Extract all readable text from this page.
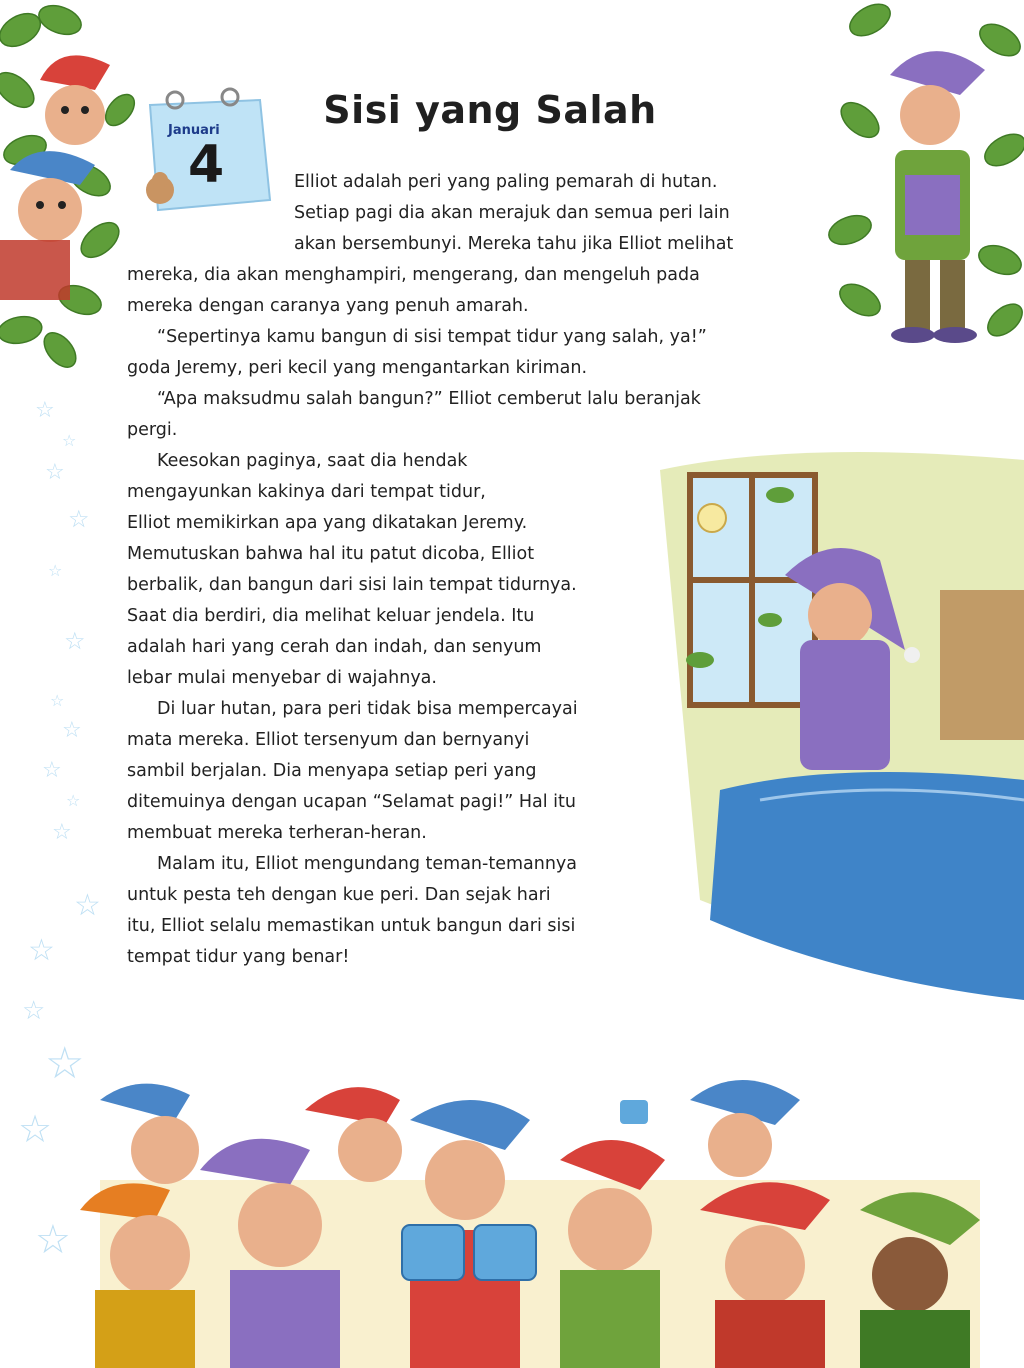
☆
☆
☆
☆
☆
☆
☆
☆
☆
☆
☆
☆
☆
☆
☆
☆
☆
Januari
4
Sisi yang Salah
Elliot adalah peri yang paling pemarah di hutan.
Setiap pagi dia akan merajuk dan semua peri lain
akan bersembunyi. Mereka tahu jika Elliot melihat
mereka, dia akan menghampiri, mengerang, dan mengeluh pada
mereka dengan caranya yang penuh amarah.
“Sepertinya kamu bangun di sisi tempat tidur yang salah, ya!”
goda Jeremy, peri kecil yang mengantarkan kiriman.
“Apa maksudmu salah bangun?” Elliot cemberut lalu beranjak
pergi.
Keesokan paginya, saat dia hendak
mengayunkan kakinya dari tempat tidur,
Elliot memikirkan apa yang dikatakan Jeremy.
Memutuskan bahwa hal itu patut dicoba, Elliot
berbalik, dan bangun dari sisi lain tempat tidurnya.
Saat dia berdiri, dia melihat keluar jendela. Itu
adalah hari yang cerah dan indah, dan senyum
lebar mulai menyebar di wajahnya.
Di luar hutan, para peri tidak bisa mempercayai
mata mereka. Elliot tersenyum dan bernyanyi
sambil berjalan. Dia menyapa setiap peri yang
ditemuinya dengan ucapan “Selamat pagi!” Hal itu
membuat mereka terheran-heran.
Malam itu, Elliot mengundang teman-temannya
untuk pesta teh dengan kue peri. Dan sejak hari
itu, Elliot selalu memastikan untuk bangun dari sisi
tempat tidur yang benar!
